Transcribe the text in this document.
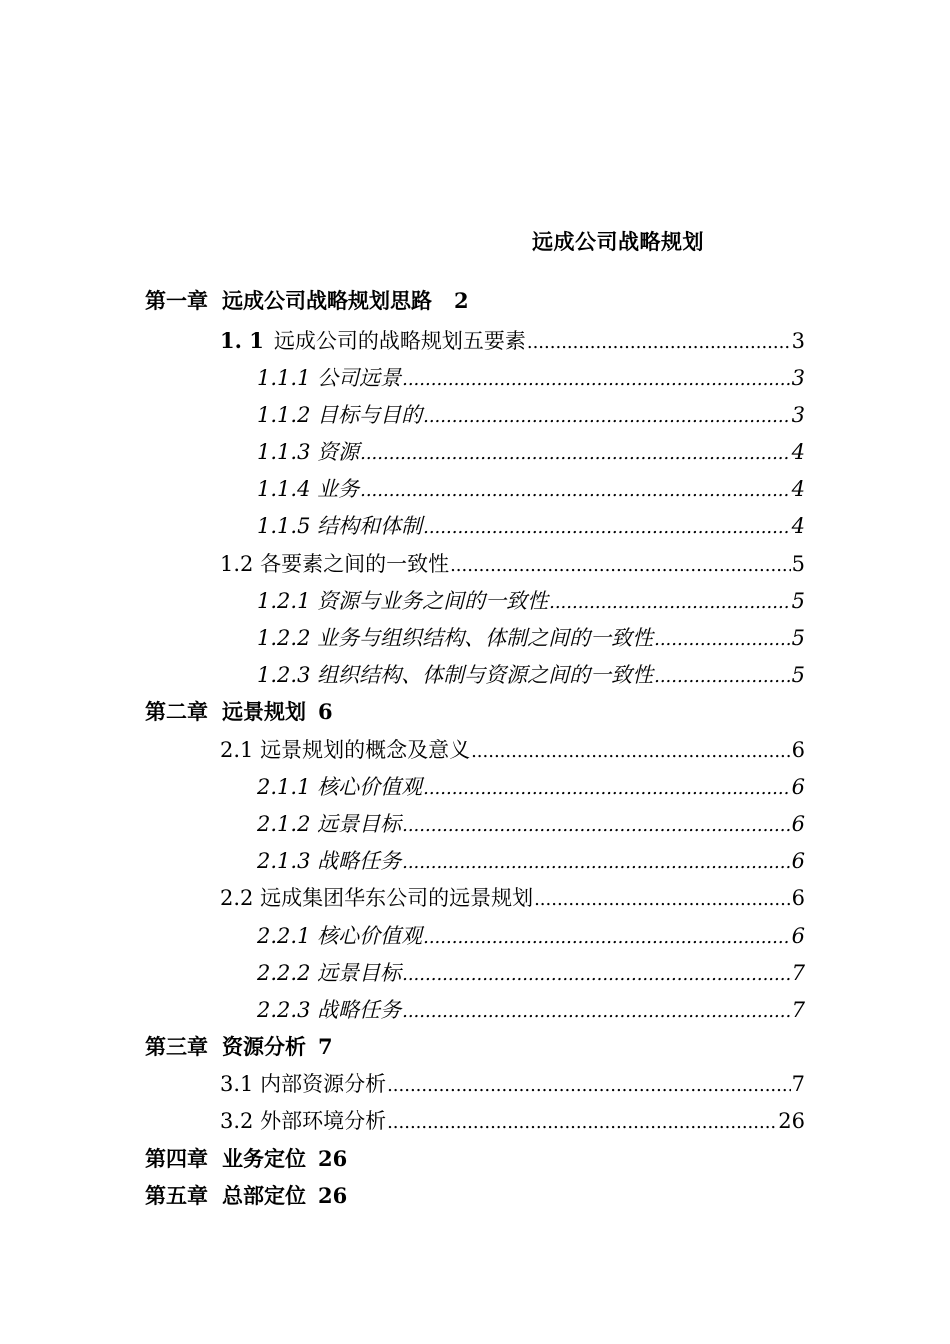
远成公司战略规划
第一章 远成公司战略规划思路 2
1. 1 远成公司的战略规划五要素 .....	3
1.1.1 公司远景 .....	3
1.1.2 目标与目的 .....	3
1.1.3 资源 .....	4
1.1.4 业务 .....	4
1.1.5 结构和体制 .....	4
1.2 各要素之间的一致性 .....	5
1.2.1 资源与业务之间的一致性 .....	5
1.2.2 业务与组织结构、体制之间的一致性 .....	5
1.2.3 组织结构、体制与资源之间的一致性 .....	5
第二章 远景规划 6
2.1 远景规划的概念及意义 .....	6
2.1.1 核心价值观 .....	6
2.1.2 远景目标 .....	6
2.1.3 战略任务 .....	6
2.2 远成集团华东公司的远景规划 .....	6
2.2.1 核心价值观 .....	6
2.2.2 远景目标 .....	7
2.2.3 战略任务 .....	7
第三章 资源分析 7
3.1 内部资源分析 .....	7
3.2 外部环境分析 .....	26
第四章 业务定位 26
第五章 总部定位 26
